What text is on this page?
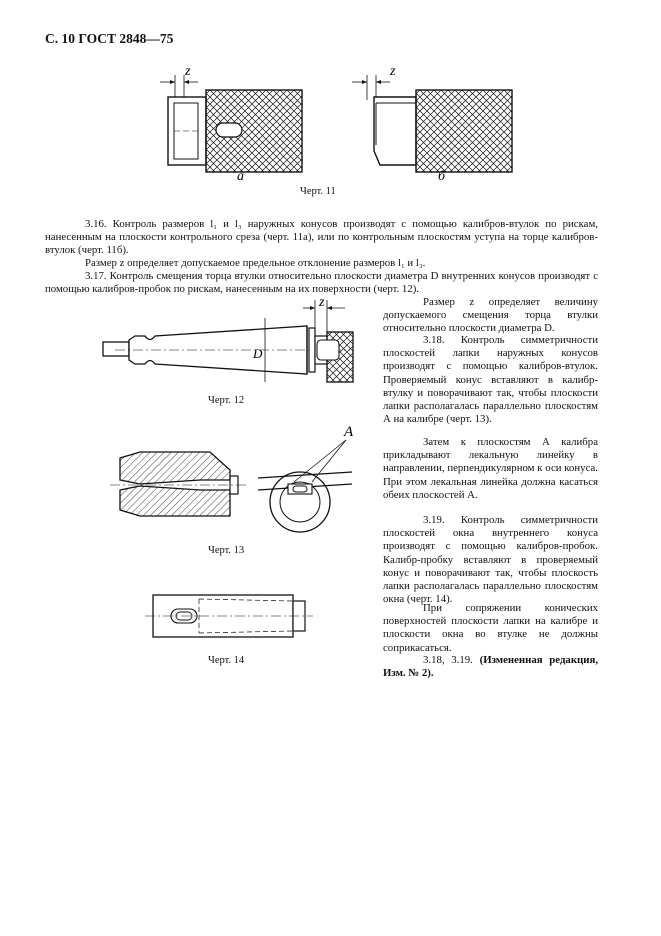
С. 10 ГОСТ 2848—75
z
а
z
б
Черт. 11
3.16. Контроль размеров l₁ и l₃ наружных конусов производят с помощью калибров-втулок по рискам, нанесенным на плоскости контрольного среза (черт. 11а), или по контрольным плоскостям уступа на торце калибров-втулок (черт. 11б).
Размер z определяет допускаемое предельное отклонение размеров l₁ и l₃.
3.17. Контроль смещения торца втулки относительно плоскости диаметра D внутренних конусов производят с помощью калибров-пробок по рискам, нанесенным на их поверхности (черт. 12).
z
D
Черт. 12
Размер z определяет величину допускаемого смещения торца втулки относительно плоскости диаметра D.
3.18. Контроль симметричности плоскостей лапки наружных конусов производят с помощью калибров-втулок. Проверяемый конус вставляют в калибр-втулку и поворачивают так, чтобы плоскости лапки располагалась параллельно плоскостям А на калибре (черт. 13).
Затем к плоскостям А калибра прикладывают лекальную линейку в направлении, перпендикулярном к оси конуса. При этом лекальная линейка должна касаться обеих плоскостей А.
3.19. Контроль симметричности плоскостей окна внутреннего конуса производят с помощью калибров-пробок. Калибр-пробку вставляют в проверяемый конус и поворачивают так, чтобы плоскость лапки располагалась параллельно плоскостям окна (черт. 14).
При сопряжении конических поверхностей плоскости лапки на калибре и плоскости окна во втулке не должны соприкасаться.
3.18, 3.19. (Измененная редакция, Изм. № 2).
А
Черт. 13
Черт. 14
